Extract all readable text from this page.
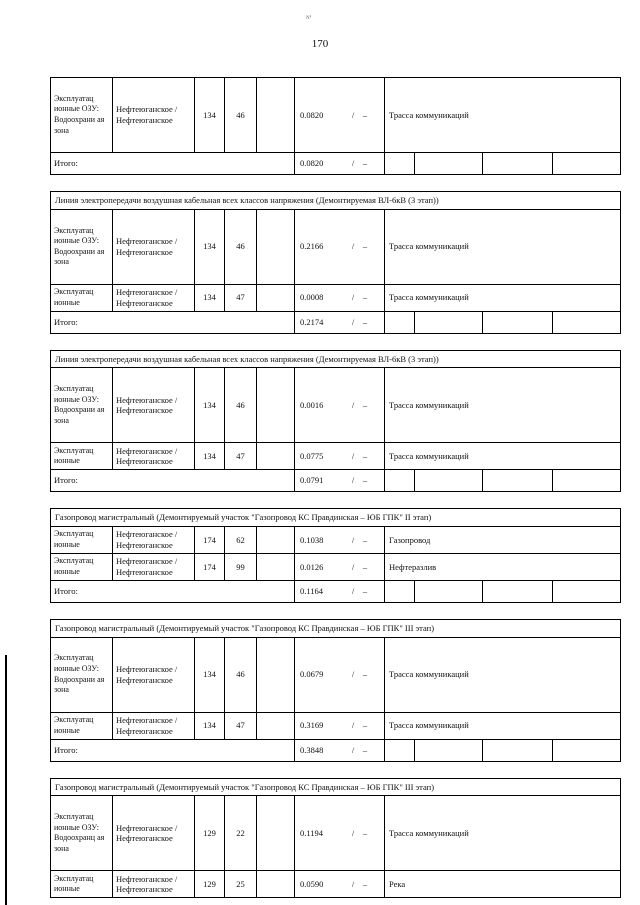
ᴺ'
170
Эксплуатац ионные ОЗУ: Водоохрани ая зона	Нефтеюганское / Нефтеюганское	134	46		0.0820 / –	Трасса коммуникаций			
Итого:					0.0820 / –				

Линия электропередачи воздушная кабельная всех классов напряжения (Демонтируемая ВЛ-6кВ (3 этап))									
Эксплуатац ионные ОЗУ: Водоохрани ая зона	Нефтеюганское / Нефтеюганское	134	46		0.2166 / –	Трасса коммуникаций			
Эксплуатац ионные	Нефтеюганское / Нефтеюганское	134	47		0.0008 / –	Трасса коммуникаций			
Итого:					0.2174 / –				

Линия электропередачи воздушная кабельная всех классов напряжения (Демонтируемая ВЛ-6кВ (3 этап))									
Эксплуатац ионные ОЗУ: Водоохрани ая зона	Нефтеюганское / Нефтеюганское	134	46		0.0016 / –	Трасса коммуникаций			
Эксплуатац ионные	Нефтеюганское / Нефтеюганское	134	47		0.0775 / –	Трасса коммуникаций			
Итого:					0.0791 / –				

Газопровод магистральный (Демонтируемый участок "Газопровод КС Правдинская – ЮБ ГПК" II этап)									
Эксплуатац ионные	Нефтеюганское / Нефтеюганское	174	62		0.1038 / –	Газопровод			
Эксплуатац ионные	Нефтеюганское / Нефтеюганское	174	99		0.0126 / –	Нефтеразлив			
Итого:					0.1164 / –				

Газопровод магистральный (Демонтируемый участок "Газопровод КС Правдинская – ЮБ ГПК" III этап)									
Эксплуатац ионные ОЗУ: Водоохрани ая зона	Нефтеюганское / Нефтеюганское	134	46		0.0679 / –	Трасса коммуникаций			
Эксплуатац ионные	Нефтеюганское / Нефтеюганское	134	47		0.3169 / –	Трасса коммуникаций			
Итого:					0.3848 / –				

Газопровод магистральный (Демонтируемый участок "Газопровод КС Правдинская – ЮБ ГПК" III этап)									
Эксплуатац ионные ОЗУ: Водоохранц ая зона	Нефтеюганское / Нефтеюганское	129	22		0.1194 / –	Трасса коммуникаций			
Эксплуатац ионные	Нефтеюганское / Нефтеюганское	129	25		0.0590 / –	Река			
